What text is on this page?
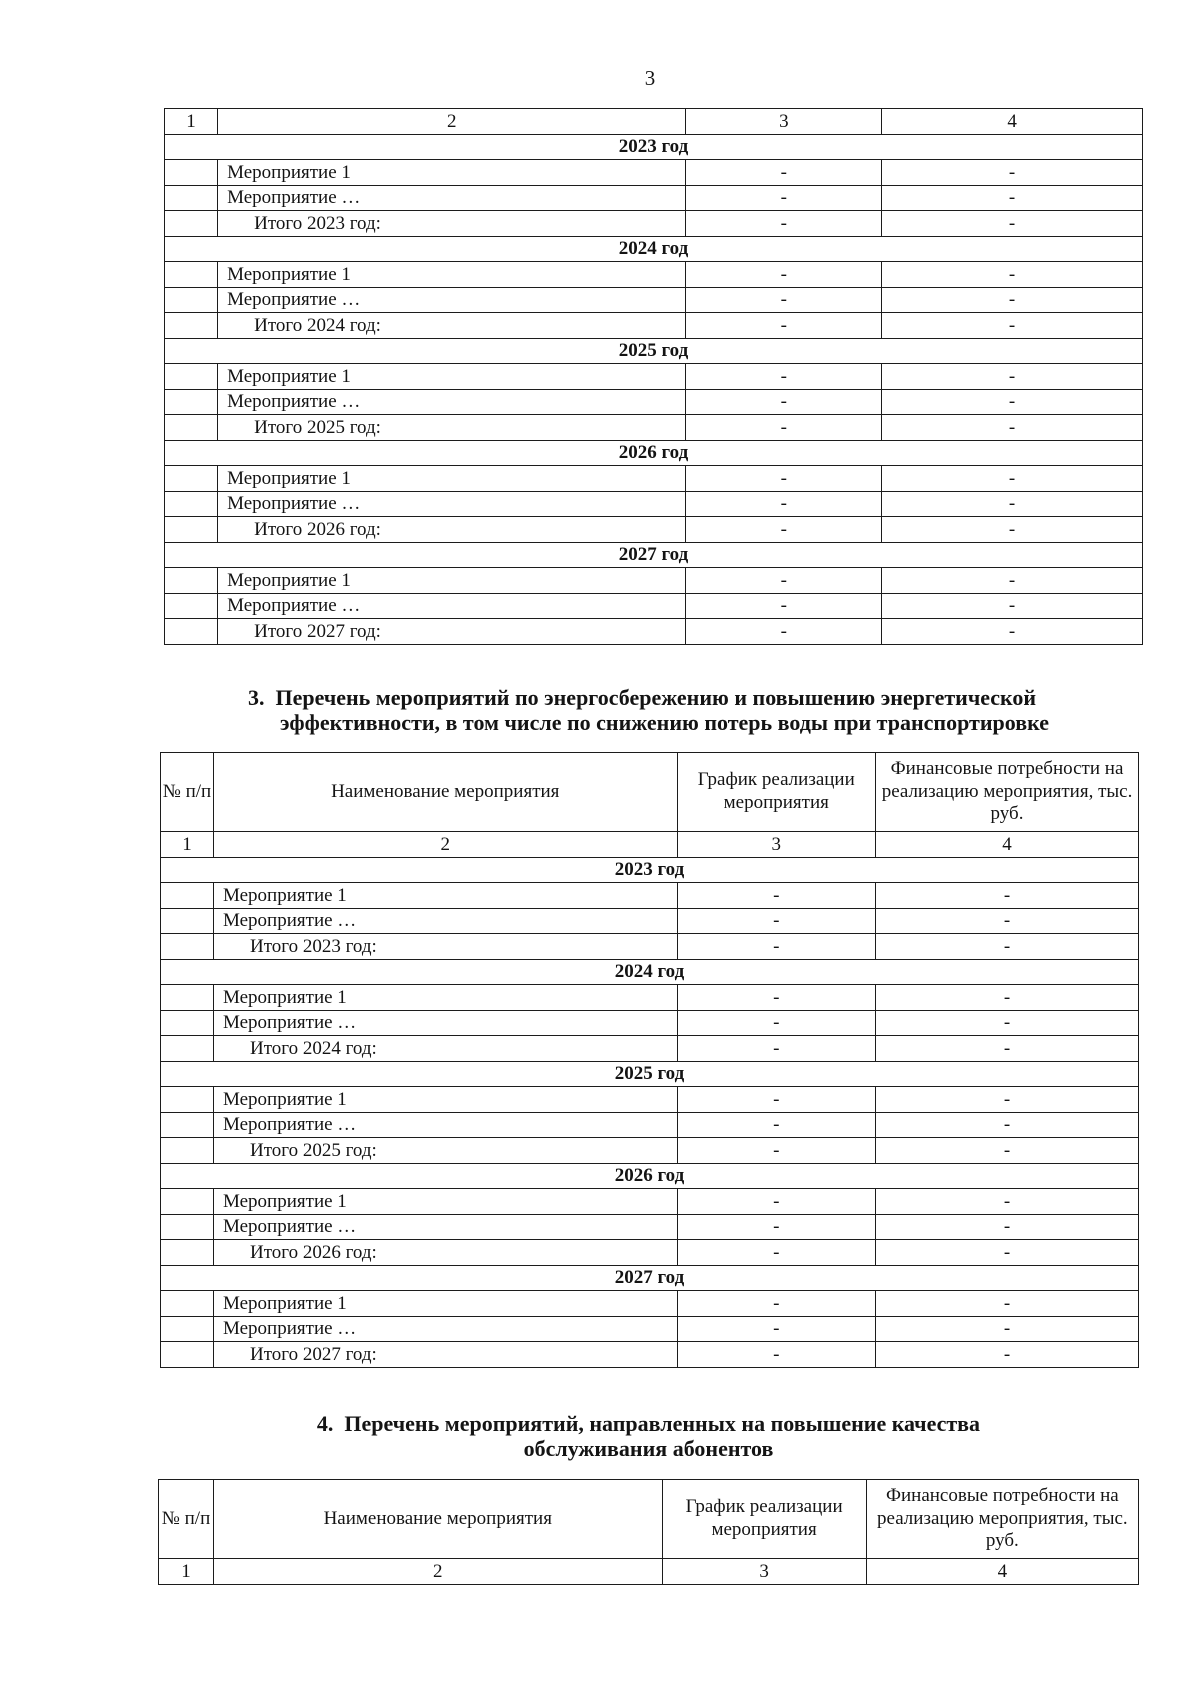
3
1	2	3	4
2023 год			
	Мероприятие 1	-	-
	Мероприятие …	-	-
	Итого 2023 год:	-	-
2024 год			
	Мероприятие 1	-	-
	Мероприятие …	-	-
	Итого 2024 год:	-	-
2025 год			
	Мероприятие 1	-	-
	Мероприятие …	-	-
	Итого 2025 год:	-	-
2026 год			
	Мероприятие 1	-	-
	Мероприятие …	-	-
	Итого 2026 год:	-	-
2027 год			
	Мероприятие 1	-	-
	Мероприятие …	-	-
	Итого 2027 год:	-	-
3. Перечень мероприятий по энергосбережению и повышению энергетической
эффективности, в том числе по снижению потерь воды при транспортировке
№ п/п	Наименование мероприятия	График реализации мероприятия	Финансовые потребности на реализацию мероприятия, тыс. руб.
1	2	3	4
2023 год			
	Мероприятие 1	-	-
	Мероприятие …	-	-
	Итого 2023 год:	-	-
2024 год			
	Мероприятие 1	-	-
	Мероприятие …	-	-
	Итого 2024 год:	-	-
2025 год			
	Мероприятие 1	-	-
	Мероприятие …	-	-
	Итого 2025 год:	-	-
2026 год			
	Мероприятие 1	-	-
	Мероприятие …	-	-
	Итого 2026 год:	-	-
2027 год			
	Мероприятие 1	-	-
	Мероприятие …	-	-
	Итого 2027 год:	-	-
4. Перечень мероприятий, направленных на повышение качества
обслуживания абонентов
№ п/п	Наименование мероприятия	График реализации мероприятия	Финансовые потребности на реализацию мероприятия, тыс. руб.
1	2	3	4
